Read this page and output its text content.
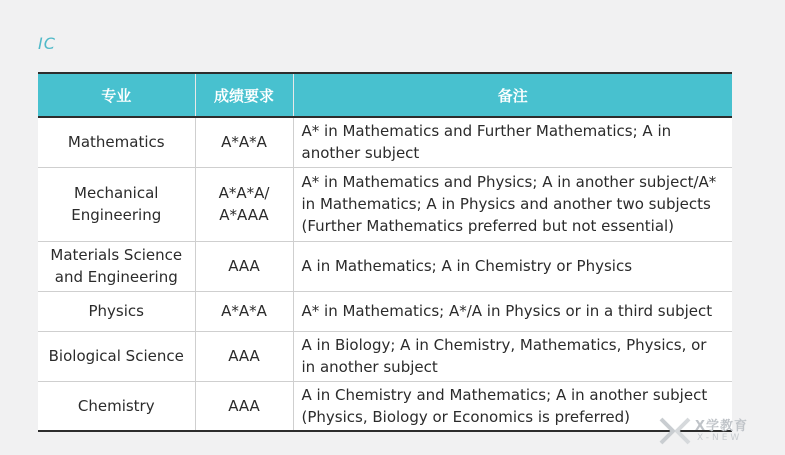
IC
专业	成绩要求	备注
Mathematics	A*A*A	A* in Mathematics and Further Mathematics; A in another subject
Mechanical Engineering	A*A*A/ A*AAA	A* in Mathematics and Physics; A in another subject/A* in Mathematics; A in Physics and another two subjects (Further Mathematics preferred but not essential)
Materials Science and Engineering	AAA	A in Mathematics; A in Chemistry or Physics
Physics	A*A*A	A* in Mathematics; A*/A in Physics or in a third subject
Biological Science	AAA	A in Biology; A in Chemistry, Mathematics, Physics, or in another subject
Chemistry	AAA	A in Chemistry and Mathematics; A in another subject (Physics, Biology or Economics is preferred)
X学教育
X-NEW
